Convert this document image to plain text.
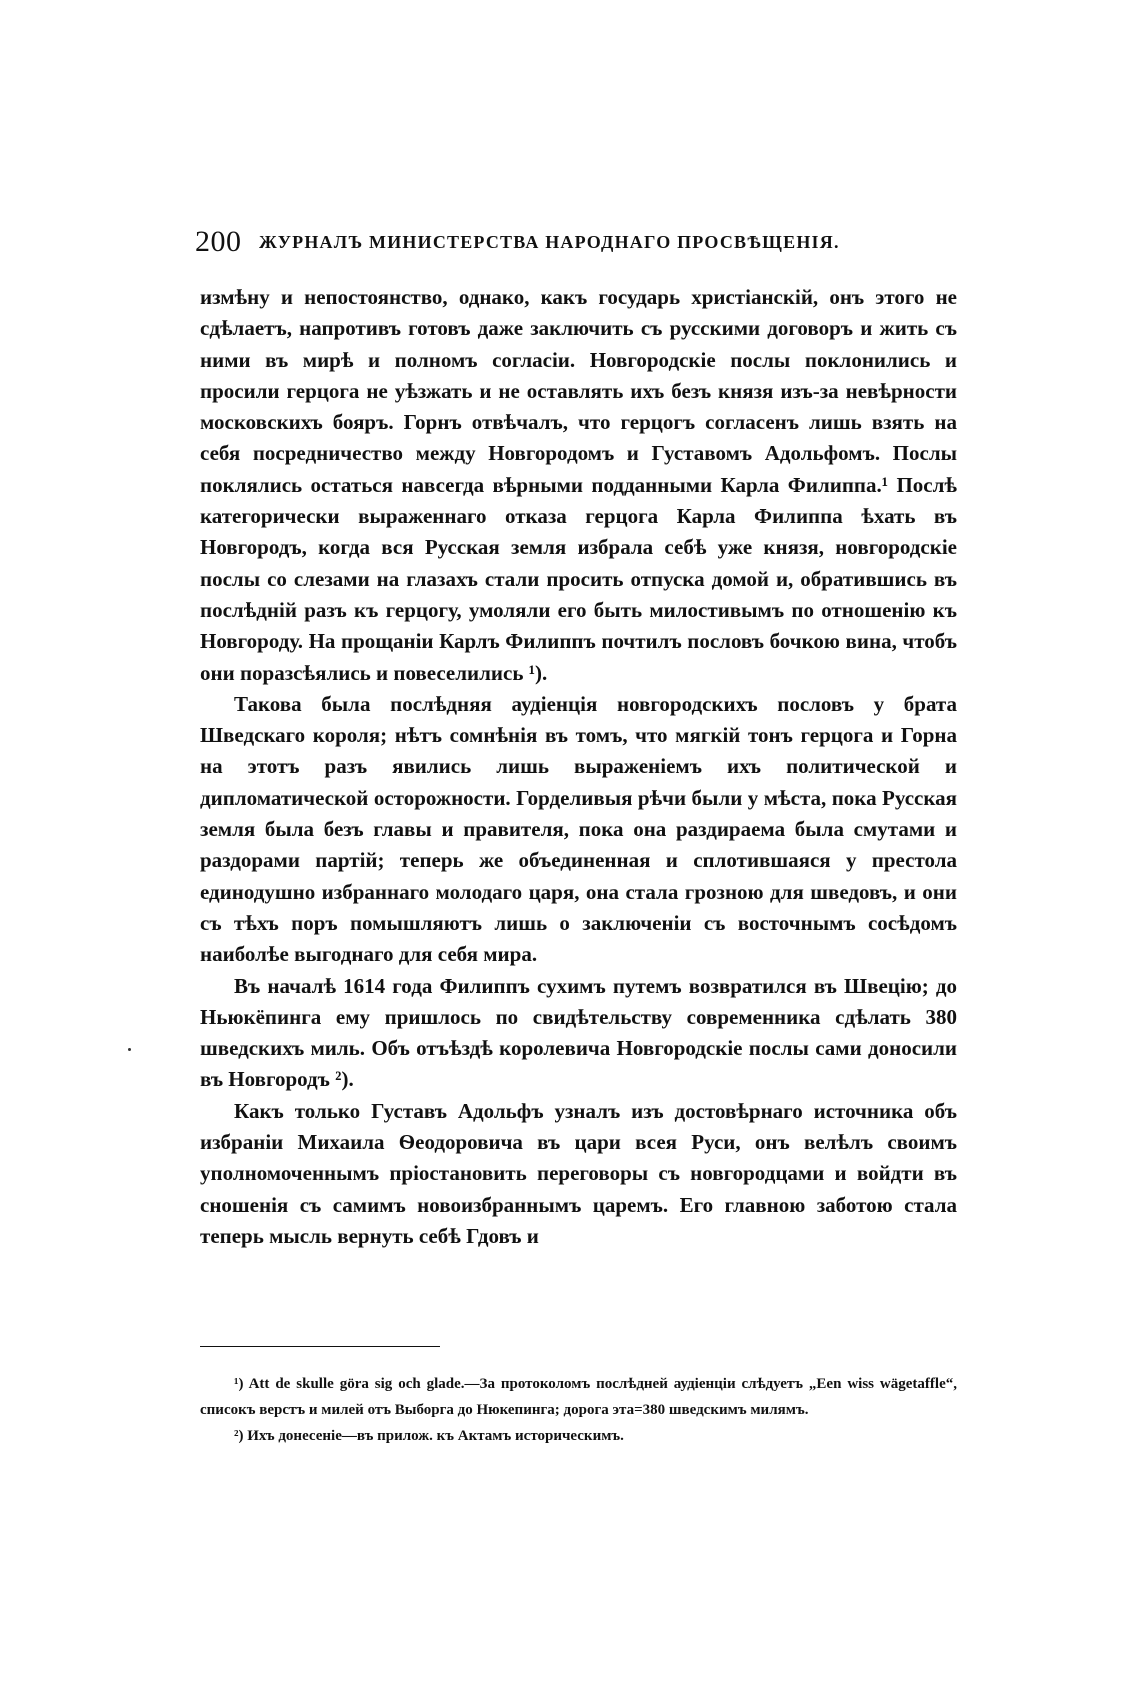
200 ЖУРНАЛЪ МИНИСТЕРСТВА НАРОДНАГО ПРОСВѢЩЕНІЯ.

измѣну и непостоянство, однако, какъ государь христіанскій, онъ этого не сдѣлаетъ, напротивъ готовъ даже заключить съ русскими договоръ и жить съ ними въ мирѣ и полномъ согласіи. Новгородскіе послы поклонились и просили герцога не уѣзжать и не оставлять ихъ безъ князя изъ-за невѣрности московскихъ бояръ. Горнъ отвѣчалъ, что герцогъ согласенъ лишь взять на себя посредничество между Новгородомъ и Густавомъ Адольфомъ. Послы поклялись остаться навсегда вѣрными подданными Карла Филиппа.¹ Послѣ категорически выраженнаго отказа герцога Карла Филиппа ѣхать въ Новгородъ, когда вся Русская земля избрала себѣ уже князя, новгородскіе послы со слезами на глазахъ стали просить отпуска домой и, обратившись въ послѣдній разъ къ герцогу, умоляли его быть милостивымъ по отношенію къ Новгороду. На прощаніи Карлъ Филиппъ почтилъ пословъ бочкою вина, чтобъ они поразсѣялись и повеселились ¹).

Такова была послѣдняя аудіенція новгородскихъ пословъ у брата Шведскаго короля; нѣтъ сомнѣнія въ томъ, что мягкій тонъ герцога и Горна на этотъ разъ явились лишь выраженіемъ ихъ политической и дипломатической осторожности. Горделивыя рѣчи были у мѣста, пока Русская земля была безъ главы и правителя, пока она раздираема была смутами и раздорами партій; теперь же объединенная и сплотившаяся у престола единодушно избраннаго молодаго царя, она стала грозною для шведовъ, и они съ тѣхъ поръ помышляютъ лишь о заключеніи съ восточнымъ сосѣдомъ наиболѣе выгоднаго для себя мира.

Въ началѣ 1614 года Филиппъ сухимъ путемъ возвратился въ Швецію; до Ньюкёпинга ему пришлось по свидѣтельству современника сдѣлать 380 шведскихъ миль. Объ отъѣздѣ королевича Новгородскіе послы сами доносили въ Новгородъ ²).

Какъ только Густавъ Адольфъ узналъ изъ достовѣрнаго источника объ избраніи Михаила Ѳеодоровича въ цари всея Руси, онъ велѣлъ своимъ уполномоченнымъ пріостановить переговоры съ новгородцами и войдти въ сношенія съ самимъ новоизбраннымъ царемъ. Его главною заботою стала теперь мысль вернуть себѣ Гдовъ и

¹) Att de skulle göra sig och glade.—За протоколомъ послѣдней аудіенціи слѣдуетъ „Een wiss wägetaffle“, списокъ верстъ и милей отъ Выборга до Нюкепинга; дорога эта=380 шведскимъ милямъ.

²) Ихъ донесеніе—въ прилож. къ Актамъ историческимъ.
